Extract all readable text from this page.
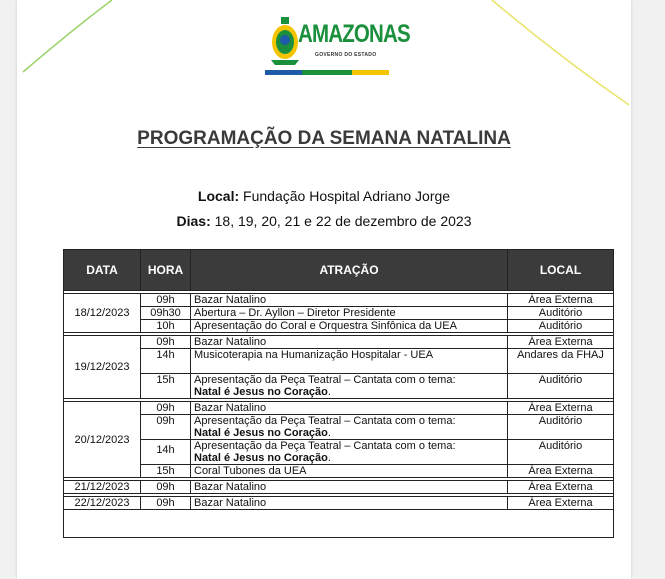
AMAZONAS
GOVERNO DO ESTADO
PROGRAMAÇÃO DA SEMANA NATALINA
Local: Fundação Hospital Adriano Jorge
Dias: 18, 19, 20, 21 e 22 de dezembro de 2023
DATA	HORA	ATRAÇÃO	LOCAL

18/12/2023	09h	Bazar Natalino	Área Externa
	09h30	Abertura – Dr. Ayllon – Diretor Presidente	Auditório
	10h	Apresentação do Coral e Orquestra Sinfônica da UEA	Auditório

19/12/2023	09h	Bazar Natalino	Área Externa
	14h	Musicoterapia na Humanização Hospitalar - UEA	Andares da FHAJ
	15h	Apresentação da Peça Teatral – Cantata com o tema:
Natal é Jesus no Coração.	Auditório

20/12/2023	09h	Bazar Natalino	Área Externa
	09h	Apresentação da Peça Teatral – Cantata com o tema:
Natal é Jesus no Coração.	Auditório
	14h	Apresentação da Peça Teatral – Cantata com o tema:
Natal é Jesus no Coração.	Auditório
	15h	Coral Tubones da UEA	Área Externa

21/12/2023	09h	Bazar Natalino	Área Externa

22/12/2023	09h	Bazar Natalino	Área Externa
